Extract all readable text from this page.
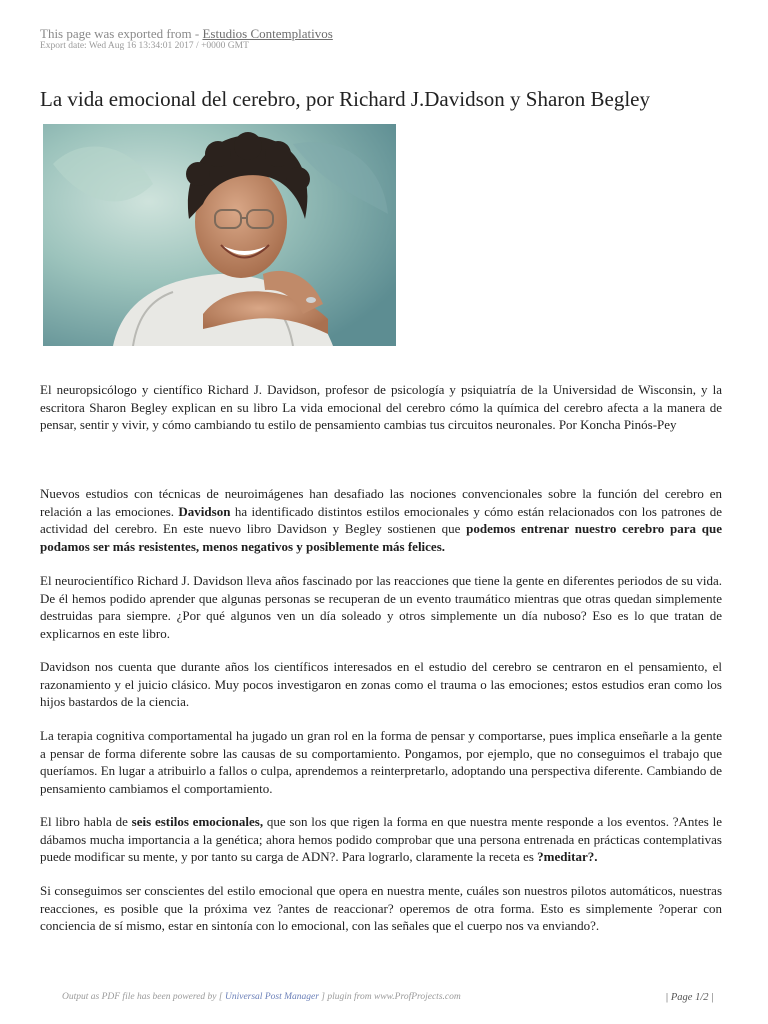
This page was exported from - Estudios Contemplativos
Export date: Wed Aug 16 13:34:01 2017 / +0000 GMT
La vida emocional del cerebro, por Richard J.Davidson y Sharon Begley

El neuropsicólogo y científico Richard J. Davidson, profesor de psicología y psiquiatría de la Universidad de Wisconsin, y la escritora Sharon Begley explican en su libro La vida emocional del cerebro cómo la química del cerebro afecta a la manera de pensar, sentir y vivir, y cómo cambiando tu estilo de pensamiento cambias tus circuitos neuronales. Por Koncha Pinós-Pey

Nuevos estudios con técnicas de neuroimágenes han desafiado las nociones convencionales sobre la función del cerebro en relación a las emociones. Davidson ha identificado distintos estilos emocionales y cómo están relacionados con los patrones de actividad del cerebro. En este nuevo libro Davidson y Begley sostienen que podemos entrenar nuestro cerebro para que podamos ser más resistentes, menos negativos y posiblemente más felices.

El neurocientífico Richard J. Davidson lleva años fascinado por las reacciones que tiene la gente en diferentes periodos de su vida. De él hemos podido aprender que algunas personas se recuperan de un evento traumático mientras que otras quedan simplemente destruidas para siempre. ¿Por qué algunos ven un día soleado y otros simplemente un día nuboso? Eso es lo que tratan de explicarnos en este libro.

Davidson nos cuenta que durante años los científicos interesados en el estudio del cerebro se centraron en el pensamiento, el razonamiento y el juicio clásico. Muy pocos investigaron en zonas como el trauma o las emociones; estos estudios eran como los hijos bastardos de la ciencia.

La terapia cognitiva comportamental ha jugado un gran rol en la forma de pensar y comportarse, pues implica enseñarle a la gente a pensar de forma diferente sobre las causas de su comportamiento. Pongamos, por ejemplo, que no conseguimos el trabajo que queríamos. En lugar a atribuirlo a fallos o culpa, aprendemos a reinterpretarlo, adoptando una perspectiva diferente. Cambiando de pensamiento cambiamos el comportamiento.

El libro habla de seis estilos emocionales, que son los que rigen la forma en que nuestra mente responde a los eventos. ?Antes le dábamos mucha importancia a la genética; ahora hemos podido comprobar que una persona entrenada en prácticas contemplativas puede modificar su mente, y por tanto su carga de ADN?. Para lograrlo, claramente la receta es ?meditar?.

Si conseguimos ser conscientes del estilo emocional que opera en nuestra mente, cuáles son nuestros pilotos automáticos, nuestras reacciones, es posible que la próxima vez ?antes de reaccionar? operemos de otra forma. Esto es simplemente ?operar con conciencia de sí mismo, estar en sintonía con lo emocional, con las señales que el cuerpo nos va enviando?.

Output as PDF file has been powered by [ Universal Post Manager ] plugin from www.ProfProjects.com	| Page 1/2 |
